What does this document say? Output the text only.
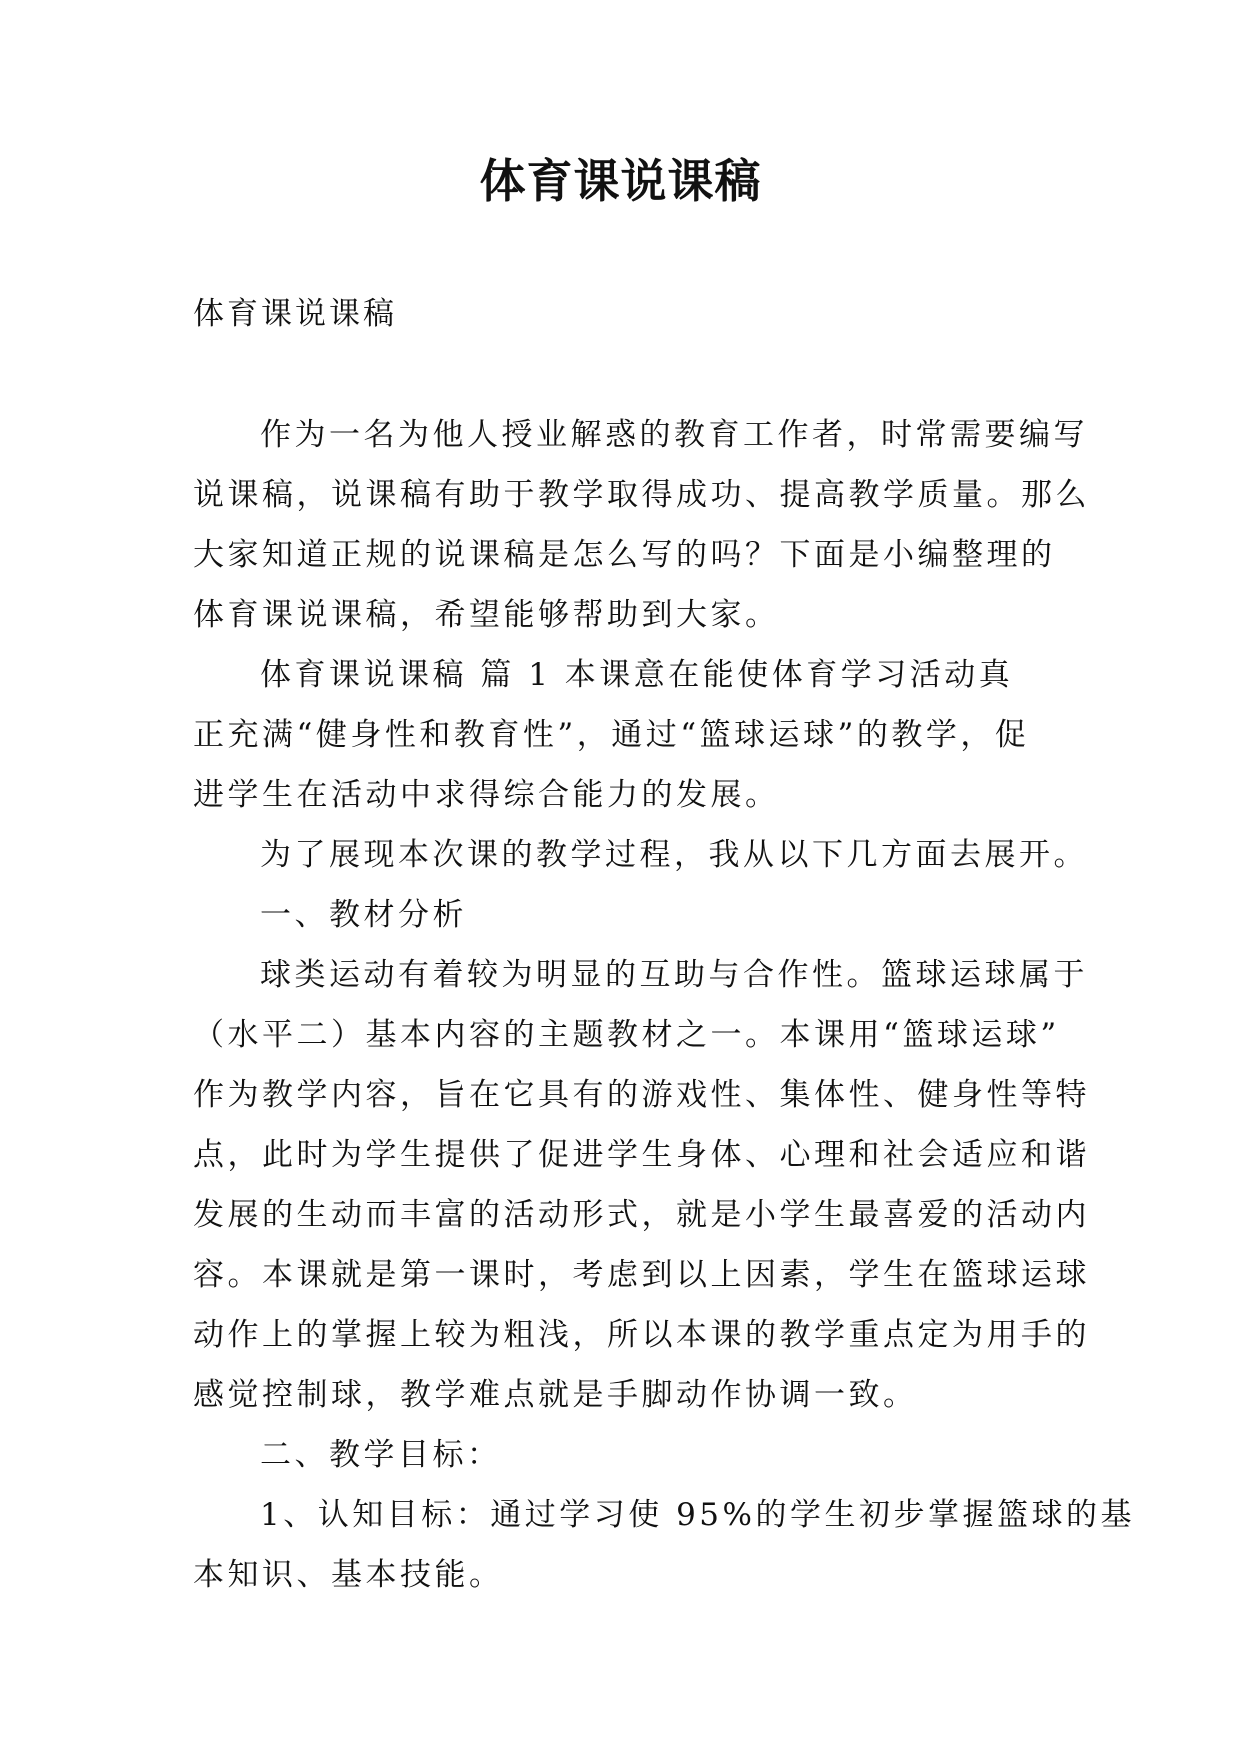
体育课说课稿
体育课说课稿
作为一名为他人授业解惑的教育工作者，时常需要编写
说课稿，说课稿有助于教学取得成功、提高教学质量。那么
大家知道正规的说课稿是怎么写的吗？下面是小编整理的
体育课说课稿，希望能够帮助到大家。
体育课说课稿 篇 1 本课意在能使体育学习活动真
正充满“健身性和教育性”，通过“篮球运球”的教学，促
进学生在活动中求得综合能力的发展。
为了展现本次课的教学过程，我从以下几方面去展开。
一、教材分析
球类运动有着较为明显的互助与合作性。篮球运球属于
（水平二）基本内容的主题教材之一。本课用“篮球运球”
作为教学内容，旨在它具有的游戏性、集体性、健身性等特
点，此时为学生提供了促进学生身体、心理和社会适应和谐
发展的生动而丰富的活动形式，就是小学生最喜爱的活动内
容。本课就是第一课时，考虑到以上因素，学生在篮球运球
动作上的掌握上较为粗浅，所以本课的教学重点定为用手的
感觉控制球，教学难点就是手脚动作协调一致。
二、教学目标：
1、认知目标：通过学习使 95%的学生初步掌握篮球的基
本知识、基本技能。
